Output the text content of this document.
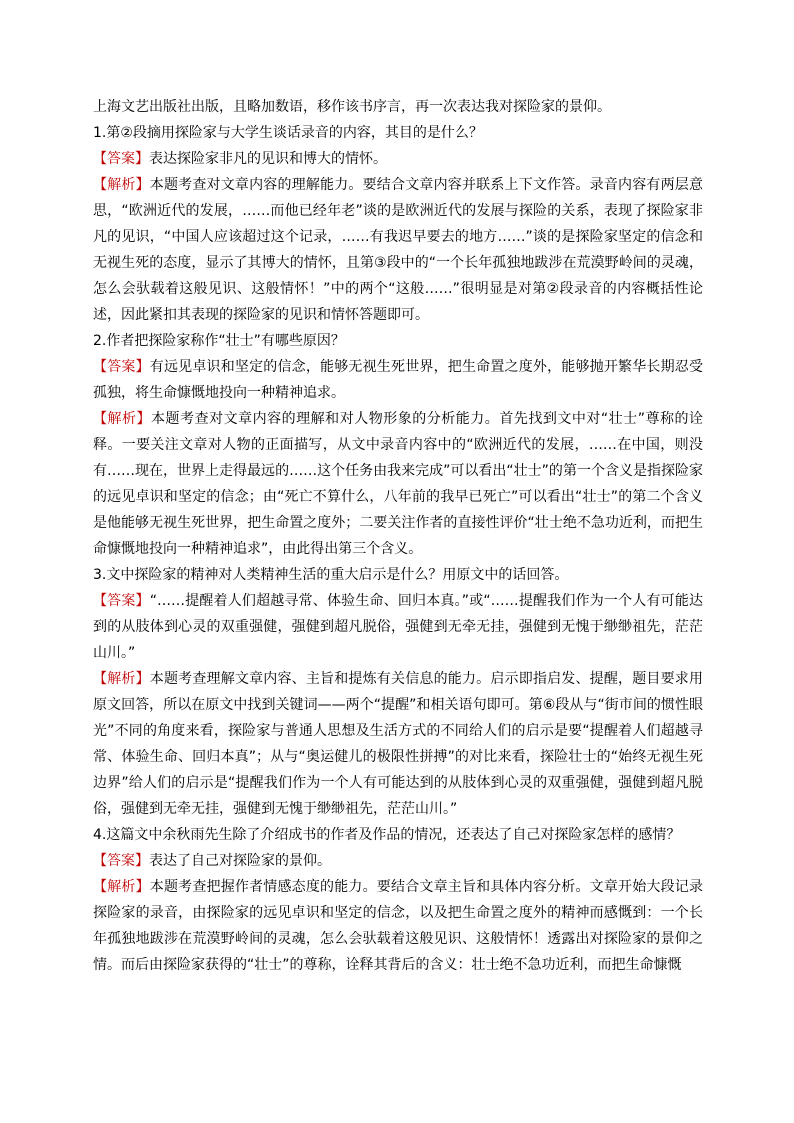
上海文艺出版社出版，且略加数语，移作该书序言，再一次表达我对探险家的景仰。

1.第②段摘用探险家与大学生谈话录音的内容，其目的是什么？

【答案】表达探险家非凡的见识和博大的情怀。

【解析】本题考查对文章内容的理解能力。要结合文章内容并联系上下文作答。录音内容有两层意思，“欧洲近代的发展，……而他已经年老”谈的是欧洲近代的发展与探险的关系，表现了探险家非凡的见识，“中国人应该超过这个记录，……有我迟早要去的地方……”谈的是探险家坚定的信念和无视生死的态度，显示了其博大的情怀，且第③段中的“一个长年孤独地跋涉在荒漠野岭间的灵魂，怎么会驮载着这般见识、这般情怀！”中的两个“这般……”很明显是对第②段录音的内容概括性论述，因此紧扣其表现的探险家的见识和情怀答题即可。

2.作者把探险家称作“壮士”有哪些原因？

【答案】有远见卓识和坚定的信念，能够无视生死世界，把生命置之度外，能够抛开繁华长期忍受孤独，将生命慷慨地投向一种精神追求。

【解析】本题考查对文章内容的理解和对人物形象的分析能力。首先找到文中对“壮士”尊称的诠释。一要关注文章对人物的正面描写，从文中录音内容中的“欧洲近代的发展，……在中国，则没有……现在，世界上走得最远的……这个任务由我来完成”可以看出“壮士”的第一个含义是指探险家的远见卓识和坚定的信念；由“死亡不算什么，八年前的我早已死亡”可以看出“壮士”的第二个含义是他能够无视生死世界，把生命置之度外；二要关注作者的直接性评价“壮士绝不急功近利，而把生命慷慨地投向一种精神追求”，由此得出第三个含义。

3.文中探险家的精神对人类精神生活的重大启示是什么？用原文中的话回答。

【答案】“……提醒着人们超越寻常、体验生命、回归本真。”或“……提醒我们作为一个人有可能达到的从肢体到心灵的双重强健，强健到超凡脱俗，强健到无牵无挂，强健到无愧于缈缈祖先，茫茫山川。”

【解析】本题考查理解文章内容、主旨和提炼有关信息的能力。启示即指启发、提醒，题目要求用原文回答，所以在原文中找到关键词——两个“提醒”和相关语句即可。第⑥段从与“街市间的惯性眼光”不同的角度来看，探险家与普通人思想及生活方式的不同给人们的启示是要“提醒着人们超越寻常、体验生命、回归本真”；从与“奥运健儿的极限性拼搏”的对比来看，探险壮士的“始终无视生死边界”给人们的启示是“提醒我们作为一个人有可能达到的从肢体到心灵的双重强健，强健到超凡脱俗，强健到无牵无挂，强健到无愧于缈缈祖先，茫茫山川。”

4.这篇文中余秋雨先生除了介绍成书的作者及作品的情况，还表达了自己对探险家怎样的感情？

【答案】表达了自己对探险家的景仰。

【解析】本题考查把握作者情感态度的能力。要结合文章主旨和具体内容分析。文章开始大段记录探险家的录音，由探险家的远见卓识和坚定的信念，以及把生命置之度外的精神而感慨到：一个长年孤独地跋涉在荒漠野岭间的灵魂，怎么会驮载着这般见识、这般情怀！透露出对探险家的景仰之情。而后由探险家获得的“壮士”的尊称，诠释其背后的含义：壮士绝不急功近利，而把生命慷慨
